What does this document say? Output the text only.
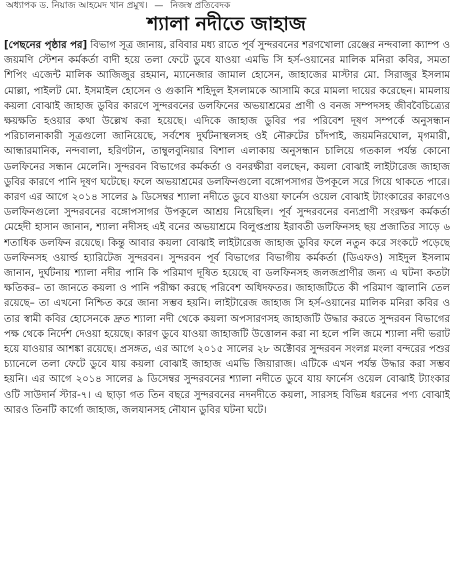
অধ্যাপক ড. নিয়াজ আহমেদ খান প্রমুখ। — নিজস্ব প্রতিবেদক
শ্যালা নদীতে জাহাজ

[পেছনের পৃষ্ঠার পর] বিভাগ সূত্র জানায়, রবিবার মধ্য রাতে পূর্ব সুন্দরবনের শরণখোলা রেঞ্জের নন্দবালা ক্যাম্প ও জয়মণি স্টেশন কর্মকর্তা বাদী হয়ে তলা ফেটে ডুবে যাওয়া এমভি সি হর্স-ওয়ানের মালিক মনিরা কবির, সমতা শিপিং এজেন্ট মালিক আজিজুর রহমান, ম্যানেজার জামাল হোসেন, জাহাজের মাস্টার মো. সিরাজুর ইসলাম মোল্লা, পাইলট মো. ইসমাইল হোসেন ও গুকানি শহিদুল ইসলামকে আসামি করে মামলা দায়ের করেছেন। মামলায় কয়লা বোঝাই জাহাজ ডুবির কারণে সুন্দরবনের ডলফিনের অভয়াশ্রমের প্রাণী ও বনজ সম্পদসহ জীববৈচিত্র্যের ক্ষয়ক্ষতি হওয়ার কথা উল্লেখ করা হয়েছে। এদিকে জাহাজ ডুবির পর পরিবেশ দূষণ সম্পর্কে অনুসন্ধান পরিচালনাকারী সূত্রগুলো জানিয়েছে, সর্বশেষ দুর্ঘটনাস্থলসহ ওই নৌরুটের চাঁদপাই, জয়মনিরঘোল, মৃগমারী, আন্ধারমানিক, নন্দবালা, হরিণটান, তাম্বুলবুনিয়ার বিশাল এলাকায় অনুসন্ধান চালিয়ে গতকাল পর্যন্ত কোনো ডলফিনের সন্ধান মেলেনি। সুন্দরবন বিভাগের কর্মকর্তা ও বনরক্ষীরা বলছেন, কয়লা বোঝাই লাইটারেজ জাহাজ ডুবির কারণে পানি দূষণ ঘটেছে। ফলে অভয়াশ্রমের ডলফিনগুলো বঙ্গোপসাগর উপকূলে সরে গিয়ে থাকতে পারে। কারণ এর আগে ২০১৪ সালের ৯ ডিসেম্বর শ্যালা নদীতে ডুবে যাওয়া ফার্নেস ওয়েল বোঝাই ট্যাংকারের কারণেও ডলফিনগুলো সুন্দরবনের বঙ্গোপসাগর উপকূলে আশ্রয় নিয়েছিল। পূর্ব সুন্দরবনের বন্যপ্রাণী সংরক্ষণ কর্মকর্তা মেহেদী হাসান জানান, শ্যালা নদীসহ এই বনের অভয়াশ্রমে বিলুপ্তপ্রায় ইরাবতী ডলফিনসহ ছয় প্রজাতির সাড়ে ৬ শতাধিক ডলফিন রয়েছে। কিন্তু আবার কয়লা বোঝাই লাইটারেজ জাহাজ ডুবির ফলে নতুন করে সংকটে পড়েছে ডলফিনসহ ওয়ার্ল্ড হ্যারিটেজ সুন্দরবন। সুন্দরবন পূর্ব বিভাগের বিভাগীয় কর্মকর্তা (ডিএফও) সাইদুল ইসলাম জানান, দুর্ঘটনায় শ্যালা নদীর পানি কি পরিমাণ দূষিত হয়েছে বা ডলফিনসহ জলজপ্রাণীর জন্য এ ঘটনা কতটা ক্ষতিকর– তা জানতে কয়লা ও পানি পরীক্ষা করছে পরিবেশ অধিদফতর। জাহাজটিতে কী পরিমাণ জ্বালানি তেল রয়েছে– তা এখনো নিশ্চিত করে জানা সম্ভব হয়নি। লাইটারেজ জাহাজ সি হর্স-ওয়ানের মালিক মনিরা কবির ও তার স্বামী কবির হোসেনকে দ্রুত শ্যালা নদী থেকে কয়লা অপসারণসহ জাহাজটি উদ্ধার করতে সুন্দরবন বিভাগের পক্ষ থেকে নির্দেশ দেওয়া হয়েছে। কারণ ডুবে যাওয়া জাহাজটি উত্তোলন করা না হলে পলি জমে শ্যালা নদী ভরাট হয়ে যাওয়ার আশঙ্কা রয়েছে। প্রসঙ্গত, এর আগে ২০১৫ সালের ২৮ অক্টোবর সুন্দরবন সংলগ্ন মংলা বন্দরের পশুর চ্যানেলে তলা ফেটে ডুবে যায় কয়লা বোঝাই জাহাজ এমভি জিয়ারাজ। এটিকে এখন পর্যন্ত উদ্ধার করা সম্ভব হয়নি। এর আগে ২০১৪ সালের ৯ ডিসেম্বর সুন্দরবনের শ্যালা নদীতে ডুবে যায় ফার্নেস ওয়েল বোঝাই ট্যাংকার ওটি সাউদার্ন স্টার-৭। এ ছাড়া গত তিন বছরে সুন্দরবনের নদনদীতে কয়লা, সারসহ বিভিন্ন ধরনের পণ্য বোঝাই আরও তিনটি কার্গো জাহাজ, জলযানসহ নৌযান ডুবির ঘটনা ঘটে।
